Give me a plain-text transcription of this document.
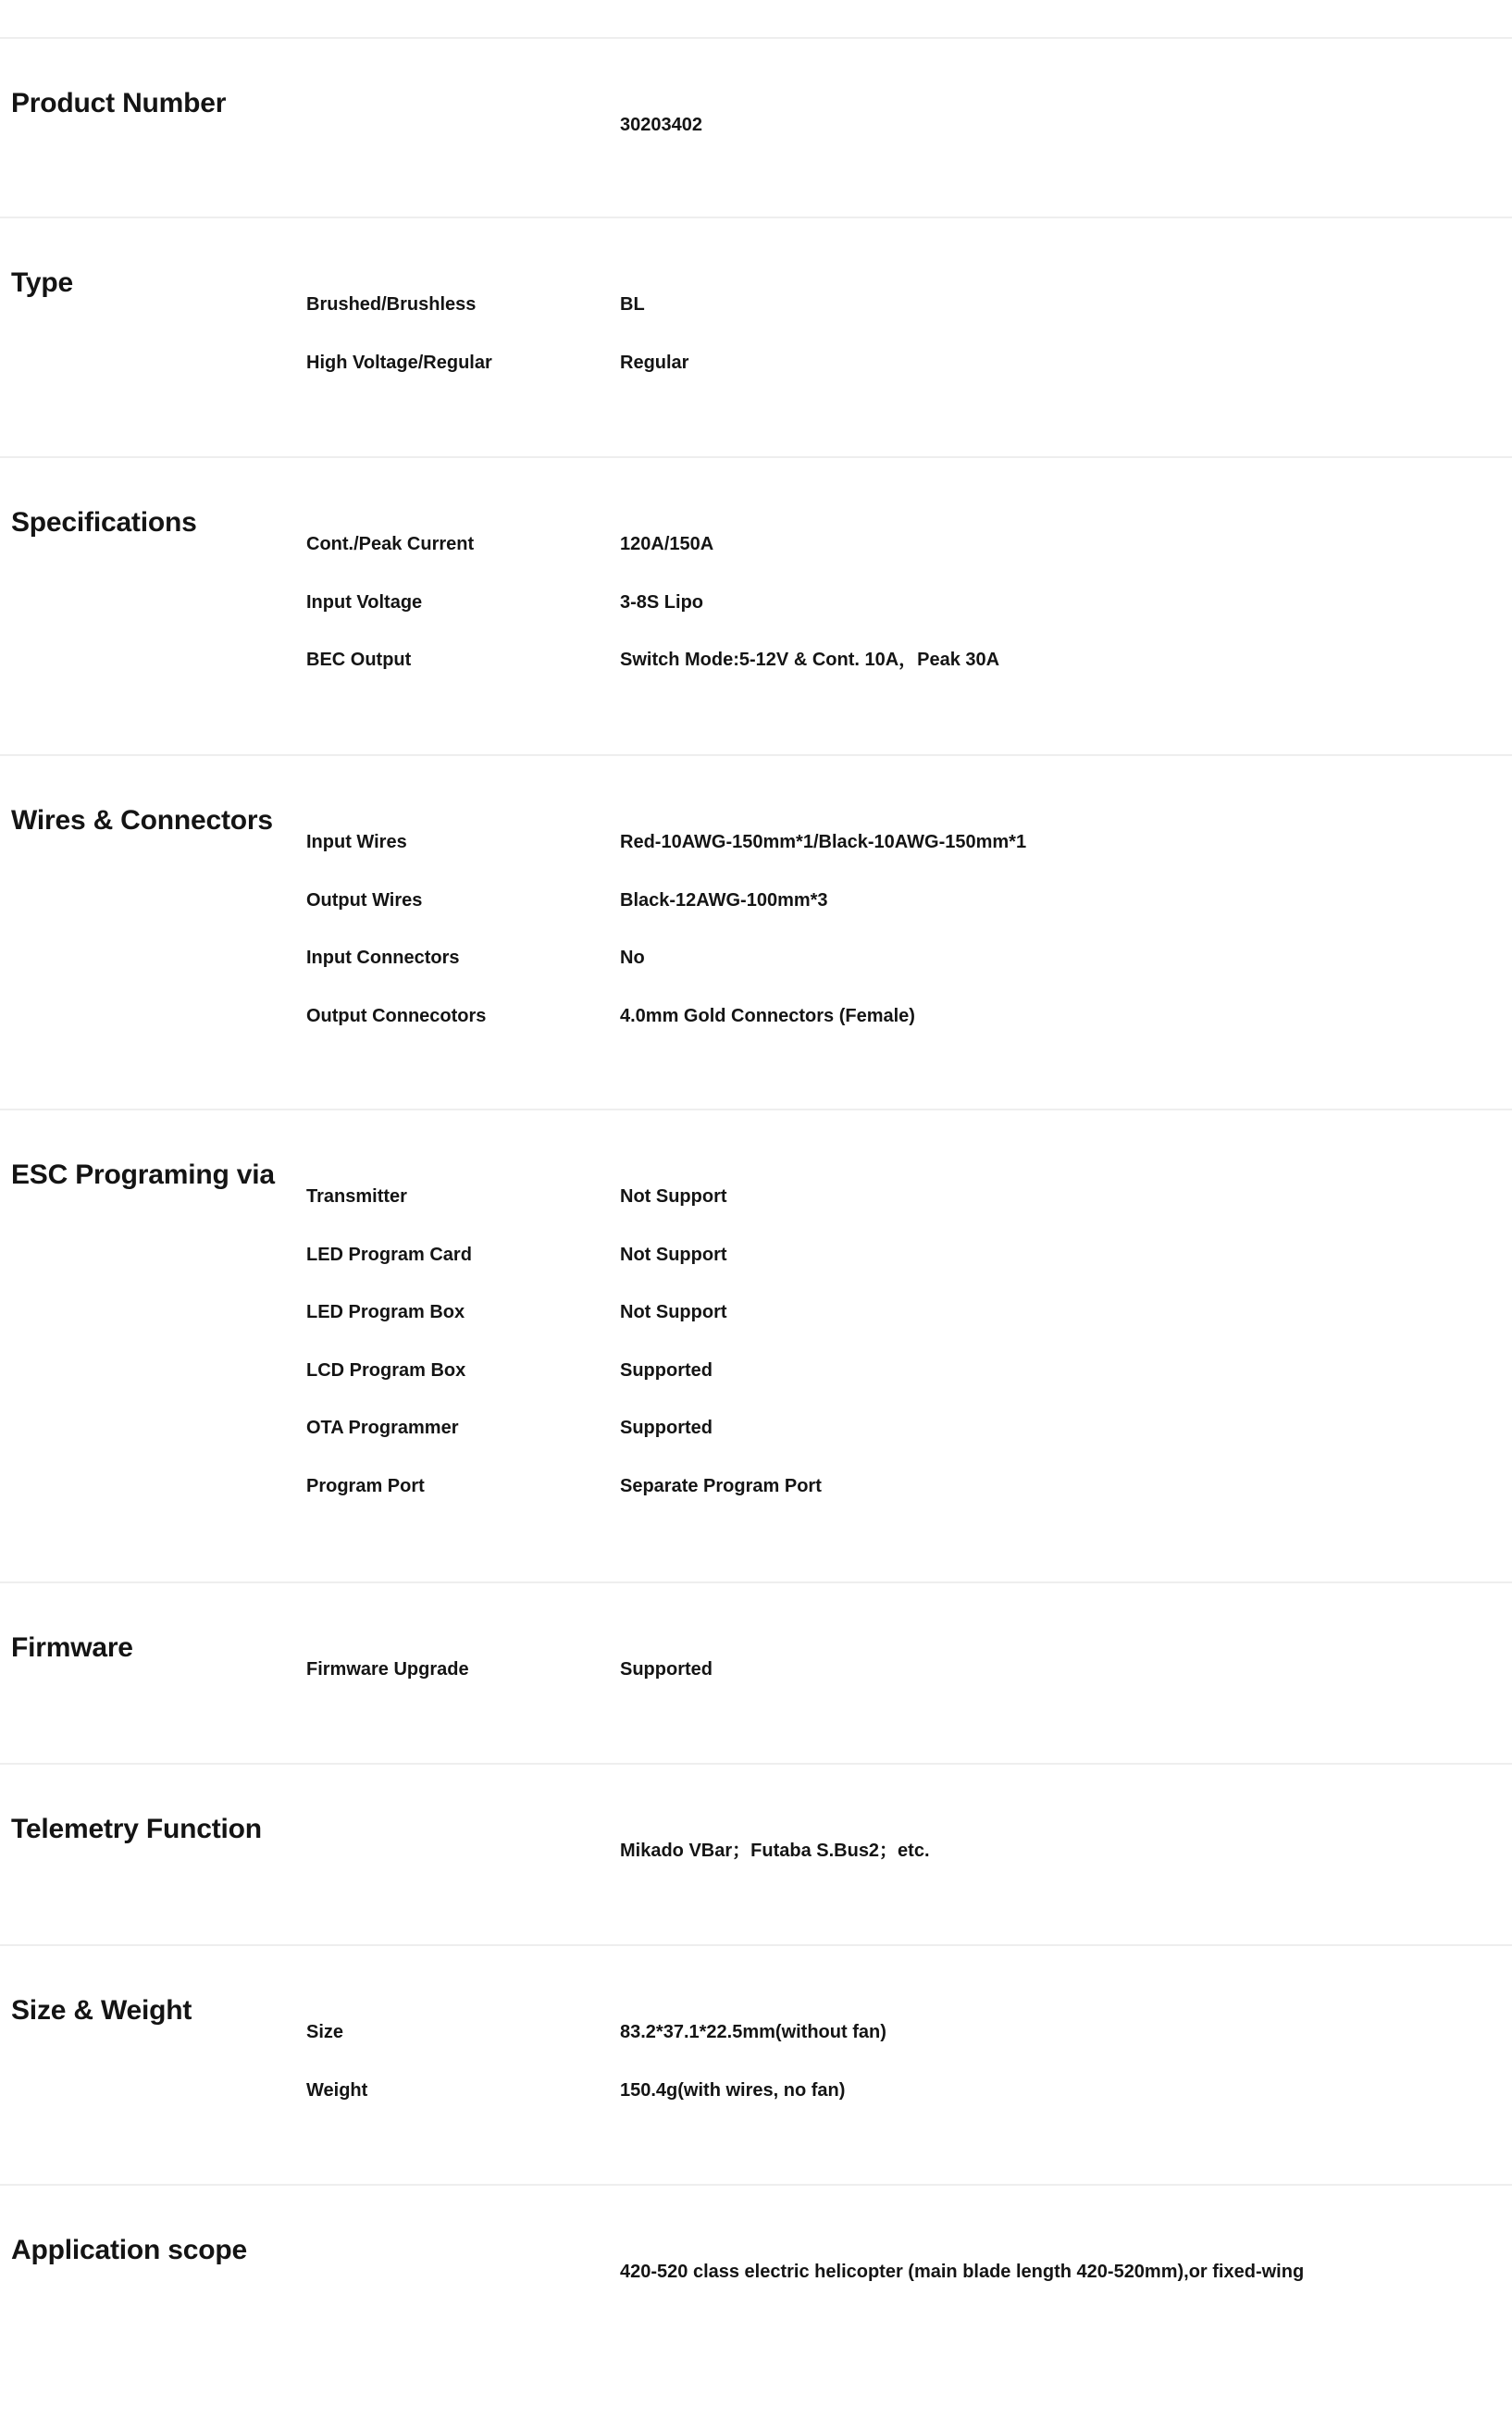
Product Number
30203402
Type
Brushed/Brushless	BL
High Voltage/Regular	Regular
Specifications
Cont./Peak Current	120A/150A
Input Voltage	3-8S Lipo
BEC Output	Switch Mode:5-12V & Cont. 10A，Peak 30A
Wires & Connectors
Input Wires	Red-10AWG-150mm*1/Black-10AWG-150mm*1
Output Wires	Black-12AWG-100mm*3
Input Connectors	No
Output Connecotors	4.0mm Gold Connectors (Female)
ESC Programing via
Transmitter	Not Support
LED Program Card	Not Support
LED Program Box	Not Support
LCD Program Box	Supported
OTA Programmer	Supported
Program Port	Separate Program Port
Firmware
Firmware Upgrade	Supported
Telemetry Function
Mikado VBar；Futaba S.Bus2；etc.
Size & Weight
Size	83.2*37.1*22.5mm(without fan)
Weight	150.4g(with wires, no fan)
Application scope
420-520 class electric helicopter (main blade length 420-520mm),or fixed-wing
